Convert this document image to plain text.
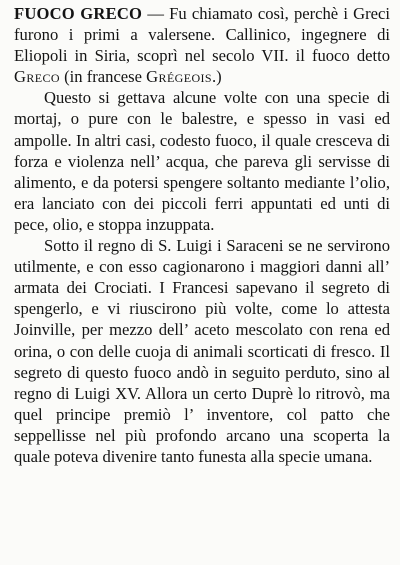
FUOCO GRECO — Fu chiamato così, perchè i Greci furono i primi a valersene. Callinico, ingegnere di Eliopoli in Siria, scoprì nel secolo VII. il fuoco detto Greco (in francese Grégeois.)

Questo si gettava alcune volte con una specie di mortaj, o pure con le balestre, e spesso in vasi ed ampolle. In altri casi, codesto fuoco, il quale cresceva di forza e violenza nell’ acqua, che pareva gli servisse di alimento, e da potersi spengere soltanto mediante l’olio, era lanciato con dei piccoli ferri appuntati ed unti di pece, olio, e stoppa inzuppata.

Sotto il regno di S. Luigi i Saraceni se ne servirono utilmente, e con esso cagionarono i maggiori danni all’ armata dei Crociati. I Francesi sapevano il segreto di spengerlo, e vi riuscirono più volte, come lo attesta Joinville, per mezzo dell’ aceto mescolato con rena ed orina, o con delle cuoja di animali scorticati di fresco. Il segreto di questo fuoco andò in seguito perduto, sino al regno di Luigi XV. Allora un certo Duprè lo ritrovò, ma quel principe premiò l’ inventore, col patto che seppellisse nel più profondo arcano una scoperta la quale poteva divenire tanto funesta alla specie umana.
